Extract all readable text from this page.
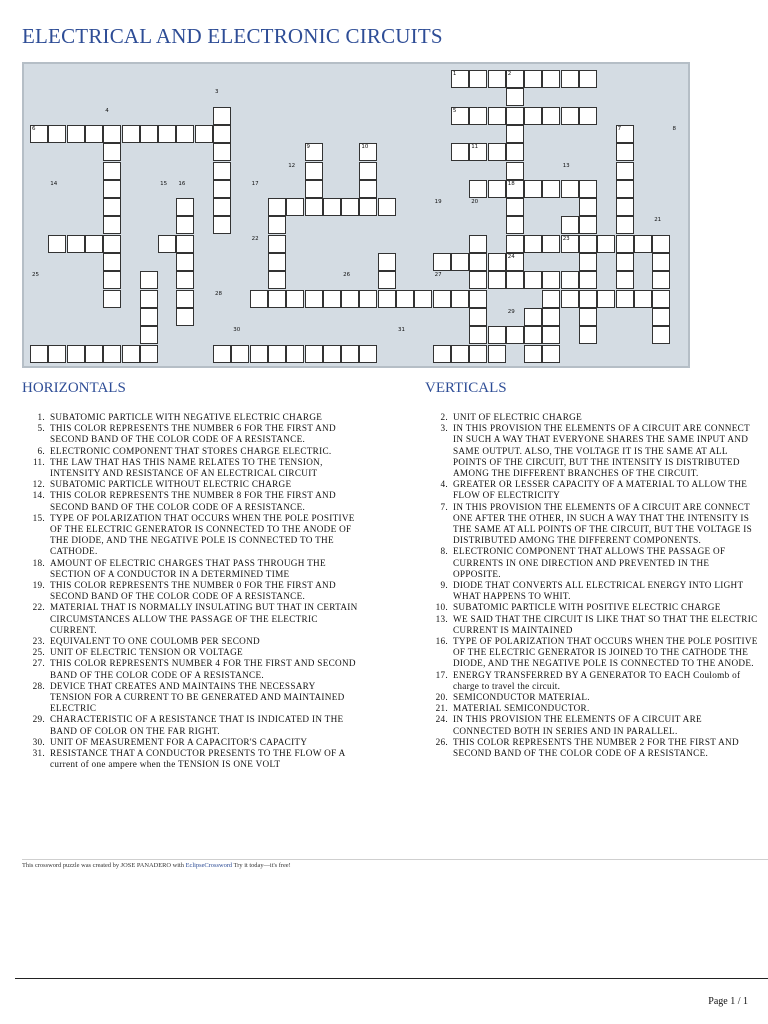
ELECTRICAL AND ELECTRONIC CIRCUITS
1	2
3
4	5
6	7	8
9	10	11
12	13
14	15 16	17	18
19	20
21
22	23
24
25	26	27
28
29
30	31
HORIZONTALS	VERTICALS
1. SUBATOMIC PARTICLE WITH NEGATIVE ELECTRIC CHARGE
5. THIS COLOR REPRESENTS THE NUMBER 6 FOR THE FIRST AND SECOND BAND OF THE COLOR CODE OF A RESISTANCE.
6. ELECTRONIC COMPONENT THAT STORES CHARGE ELECTRIC.
11. THE LAW THAT HAS THIS NAME RELATES TO THE TENSION, INTENSITY AND RESISTANCE OF AN ELECTRICAL CIRCUIT
12. SUBATOMIC PARTICLE WITHOUT ELECTRIC CHARGE
14. THIS COLOR REPRESENTS THE NUMBER 8 FOR THE FIRST AND SECOND BAND OF THE COLOR CODE OF A RESISTANCE.
15. TYPE OF POLARIZATION THAT OCCURS WHEN THE POLE POSITIVE OF THE ELECTRIC GENERATOR IS CONNECTED TO THE ANODE OF THE DIODE, AND THE NEGATIVE POLE IS CONNECTED TO THE CATHODE.
18. AMOUNT OF ELECTRIC CHARGES THAT PASS THROUGH THE SECTION OF A CONDUCTOR IN A DETERMINED TIME
19. THIS COLOR REPRESENTS THE NUMBER 0 FOR THE FIRST AND SECOND BAND OF THE COLOR CODE OF A RESISTANCE.
22. MATERIAL THAT IS NORMALLY INSULATING BUT THAT IN CERTAIN CIRCUMSTANCES ALLOW THE PASSAGE OF THE ELECTRIC CURRENT.
23. EQUIVALENT TO ONE COULOMB PER SECOND
25. UNIT OF ELECTRIC TENSION OR VOLTAGE
27. THIS COLOR REPRESENTS NUMBER 4 FOR THE FIRST AND SECOND BAND OF THE COLOR CODE OF A RESISTANCE.
28. DEVICE THAT CREATES AND MAINTAINS THE NECESSARY TENSION FOR A CURRENT TO BE GENERATED AND MAINTAINED ELECTRIC
29. CHARACTERISTIC OF A RESISTANCE THAT IS INDICATED IN THE BAND OF COLOR ON THE FAR RIGHT.
30. UNIT OF MEASUREMENT FOR A CAPACITOR'S CAPACITY
31. RESISTANCE THAT A CONDUCTOR PRESENTS TO THE FLOW OF A current of one ampere when the TENSION IS ONE VOLT
2. UNIT OF ELECTRIC CHARGE
3. IN THIS PROVISION THE ELEMENTS OF A CIRCUIT ARE CONNECT IN SUCH A WAY THAT EVERYONE SHARES THE SAME INPUT AND SAME OUTPUT. ALSO, THE VOLTAGE IT IS THE SAME AT ALL POINTS OF THE CIRCUIT, BUT THE INTENSITY IS DISTRIBUTED AMONG THE DIFFERENT BRANCHES OF THE CIRCUIT.
4. GREATER OR LESSER CAPACITY OF A MATERIAL TO ALLOW THE FLOW OF ELECTRICITY
7. IN THIS PROVISION THE ELEMENTS OF A CIRCUIT ARE CONNECT ONE AFTER THE OTHER, IN SUCH A WAY THAT THE INTENSITY IS THE SAME AT ALL POINTS OF THE CIRCUIT, BUT THE VOLTAGE IS DISTRIBUTED AMONG THE DIFFERENT COMPONENTS.
8. ELECTRONIC COMPONENT THAT ALLOWS THE PASSAGE OF CURRENTS IN ONE DIRECTION AND PREVENTED IN THE OPPOSITE.
9. DIODE THAT CONVERTS ALL ELECTRICAL ENERGY INTO LIGHT WHAT HAPPENS TO WHIT.
10. SUBATOMIC PARTICLE WITH POSITIVE ELECTRIC CHARGE
13. WE SAID THAT THE CIRCUIT IS LIKE THAT SO THAT THE ELECTRIC CURRENT IS MAINTAINED
16. TYPE OF POLARIZATION THAT OCCURS WHEN THE POLE POSITIVE OF THE ELECTRIC GENERATOR IS JOINED TO THE CATHODE THE DIODE, AND THE NEGATIVE POLE IS CONNECTED TO THE ANODE.
17. ENERGY TRANSFERRED BY A GENERATOR TO EACH Coulomb of charge to travel the circuit.
20. SEMICONDUCTOR MATERIAL.
21. MATERIAL SEMICONDUCTOR.
24. IN THIS PROVISION THE ELEMENTS OF A CIRCUIT ARE CONNECTED BOTH IN SERIES AND IN PARALLEL.
26. THIS COLOR REPRESENTS THE NUMBER 2 FOR THE FIRST AND SECOND BAND OF THE COLOR CODE OF A RESISTANCE.
This crossword puzzle was created by JOSE PANADERO with EclipseCrossword Try it today—it's free!
Page 1 / 1
